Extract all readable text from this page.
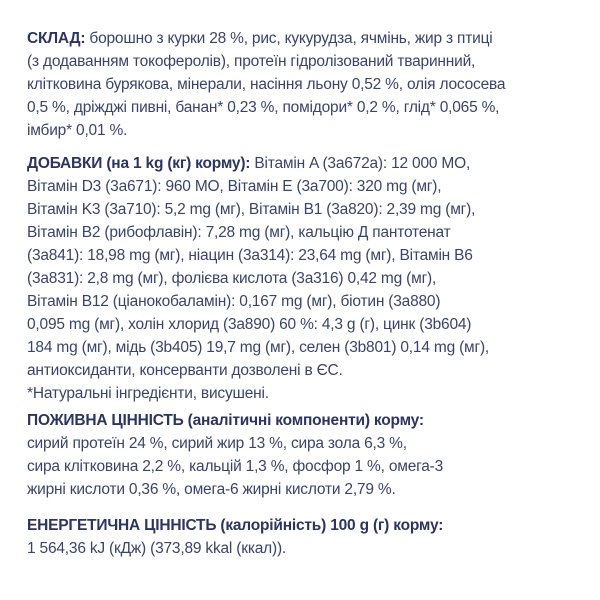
СКЛАД: борошно з курки 28 %, рис, кукурудза, ячмінь, жир з птиці

(з додаванням токоферолів), протеїн гідролізований тваринний,

клітковина бурякова, мінерали, насіння льону 0,52 %, олія лососева

0,5 %, дріжджі пивні, банан* 0,23 %, помідори* 0,2 %, глід* 0,065 %,

імбир* 0,01 %.

ДОБАВКИ (на 1 kg (кг) корму): Вітамін A (3a672a): 12 000 МО,

Вітамін D3 (3a671): 960 МО, Вітамін E (3a700): 320 mg (мг),

Вітамін K3 (3a710): 5,2 mg (мг), Вітамін B1 (3a820): 2,39 mg (мг),

Вітамін B2 (рибофлавін): 7,28 mg (мг), кальцію Д пантотенат

(3a841): 18,98 mg (мг), ніацин (3a314): 23,64 mg (мг), Вітамін B6

(3a831): 2,8 mg (мг), фолієва кислота (3a316) 0,42 mg (мг),

Вітамін B12 (ціанокобаламін): 0,167 mg (мг), біотин (3a880)

0,095 mg (мг), холін хлорид (3a890) 60 %: 4,3 g (г), цинк (3b604)

184 mg (мг), мідь (3b405) 19,7 mg (мг), селен (3b801) 0,14 mg (мг),

антиоксиданти, консерванти дозволені в ЄС.

*Натуральні інгредієнти, висушені.

ПОЖИВНА ЦІННІСТЬ (аналітичні компоненти) корму:

сирий протеїн 24 %, сирий жир 13 %, сира зола 6,3 %,

сира клітковина 2,2 %, кальцій 1,3 %, фосфор 1 %, омега-3

жирні кислоти 0,36 %, омега-6 жирні кислоти 2,79 %.

ЕНЕРГЕТИЧНА ЦІННІСТЬ (калорійність) 100 g (г) корму:

1 564,36 kJ (кДж) (373,89 kkal (ккал)).
